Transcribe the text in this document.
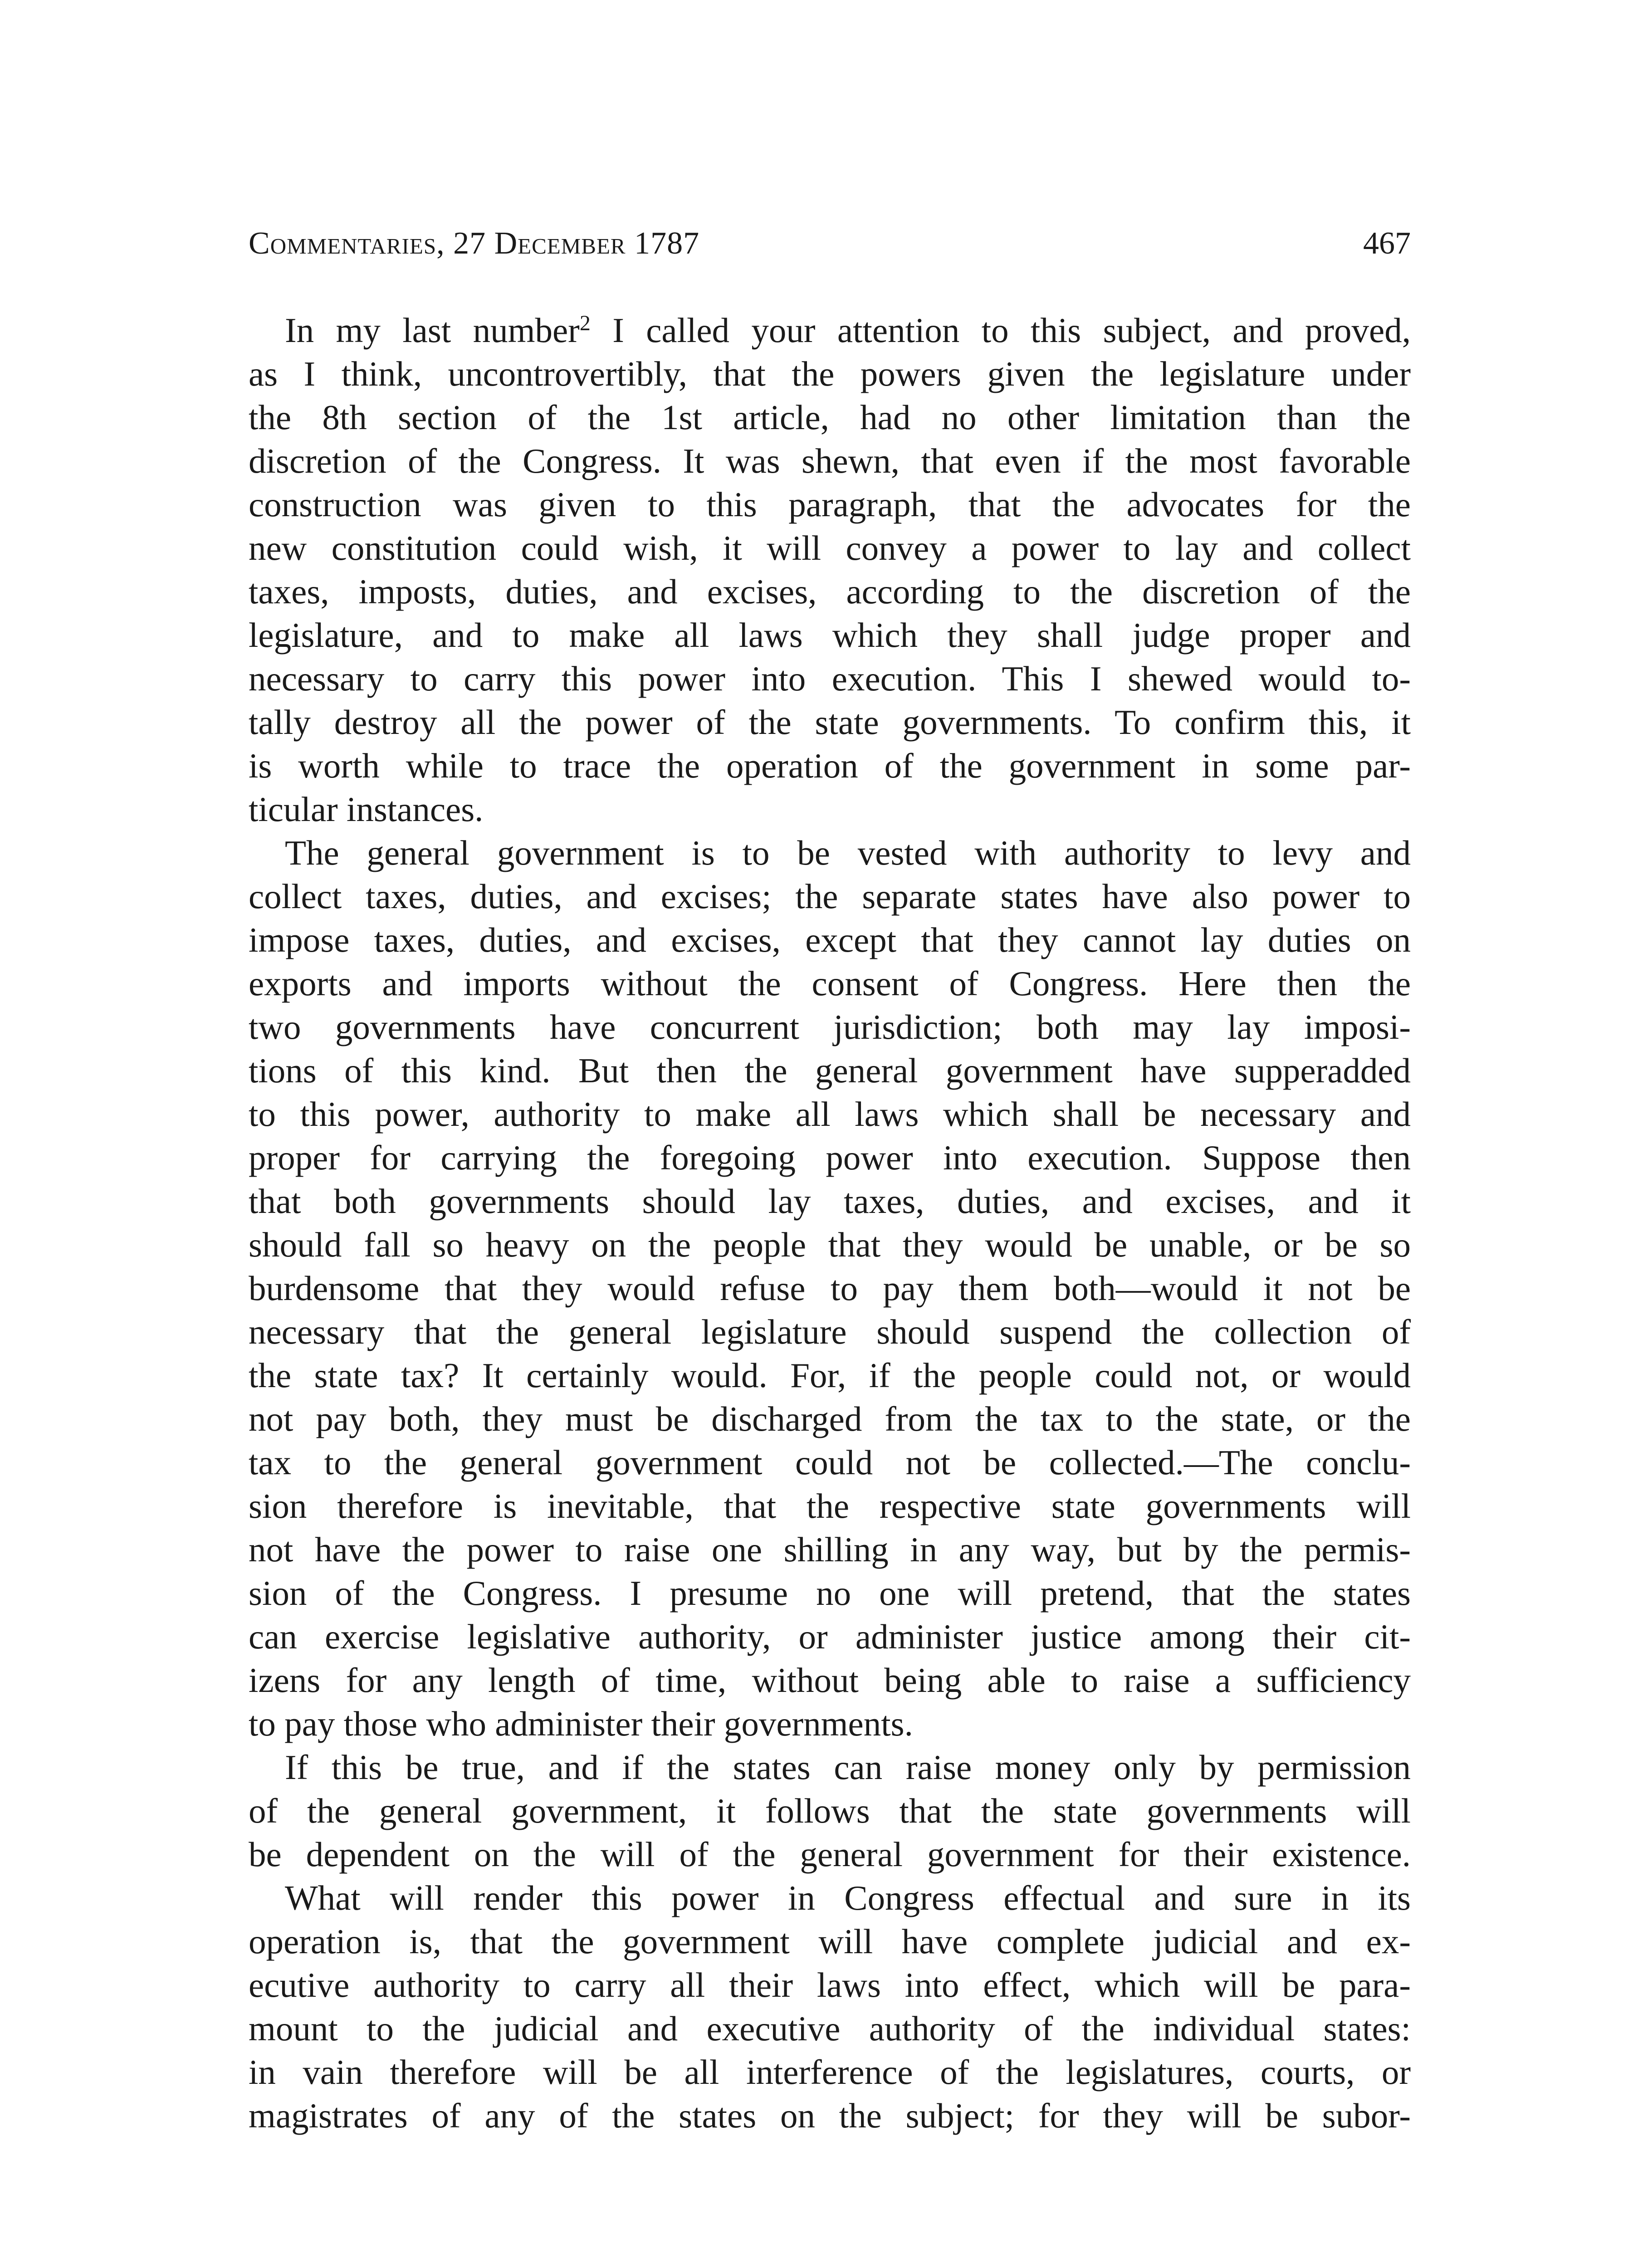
Commentaries, 27 December 1787	467
In my last number$^2$ I called your attention to this subject, and proved,
as I think, uncontrovertibly, that the powers given the legislature under
the 8th section of the 1st article, had no other limitation than the
discretion of the Congress. It was shewn, that even if the most favorable
construction was given to this paragraph, that the advocates for the
new constitution could wish, it will convey a power to lay and collect
taxes, imposts, duties, and excises, according to the discretion of the
legislature, and to make all laws which they shall judge proper and
necessary to carry this power into execution. This I shewed would to-
tally destroy all the power of the state governments. To confirm this, it
is worth while to trace the operation of the government in some par-
ticular instances.
The general government is to be vested with authority to levy and
collect taxes, duties, and excises; the separate states have also power to
impose taxes, duties, and excises, except that they cannot lay duties on
exports and imports without the consent of Congress. Here then the
two governments have concurrent jurisdiction; both may lay imposi-
tions of this kind. But then the general government have supperadded
to this power, authority to make all laws which shall be necessary and
proper for carrying the foregoing power into execution. Suppose then
that both governments should lay taxes, duties, and excises, and it
should fall so heavy on the people that they would be unable, or be so
burdensome that they would refuse to pay them both—would it not be
necessary that the general legislature should suspend the collection of
the state tax? It certainly would. For, if the people could not, or would
not pay both, they must be discharged from the tax to the state, or the
tax to the general government could not be collected.—The conclu-
sion therefore is inevitable, that the respective state governments will
not have the power to raise one shilling in any way, but by the permis-
sion of the Congress. I presume no one will pretend, that the states
can exercise legislative authority, or administer justice among their cit-
izens for any length of time, without being able to raise a sufficiency
to pay those who administer their governments.
If this be true, and if the states can raise money only by permission
of the general government, it follows that the state governments will
be dependent on the will of the general government for their existence.
What will render this power in Congress effectual and sure in its
operation is, that the government will have complete judicial and ex-
ecutive authority to carry all their laws into effect, which will be para-
mount to the judicial and executive authority of the individual states:
in vain therefore will be all interference of the legislatures, courts, or
magistrates of any of the states on the subject; for they will be subor-
